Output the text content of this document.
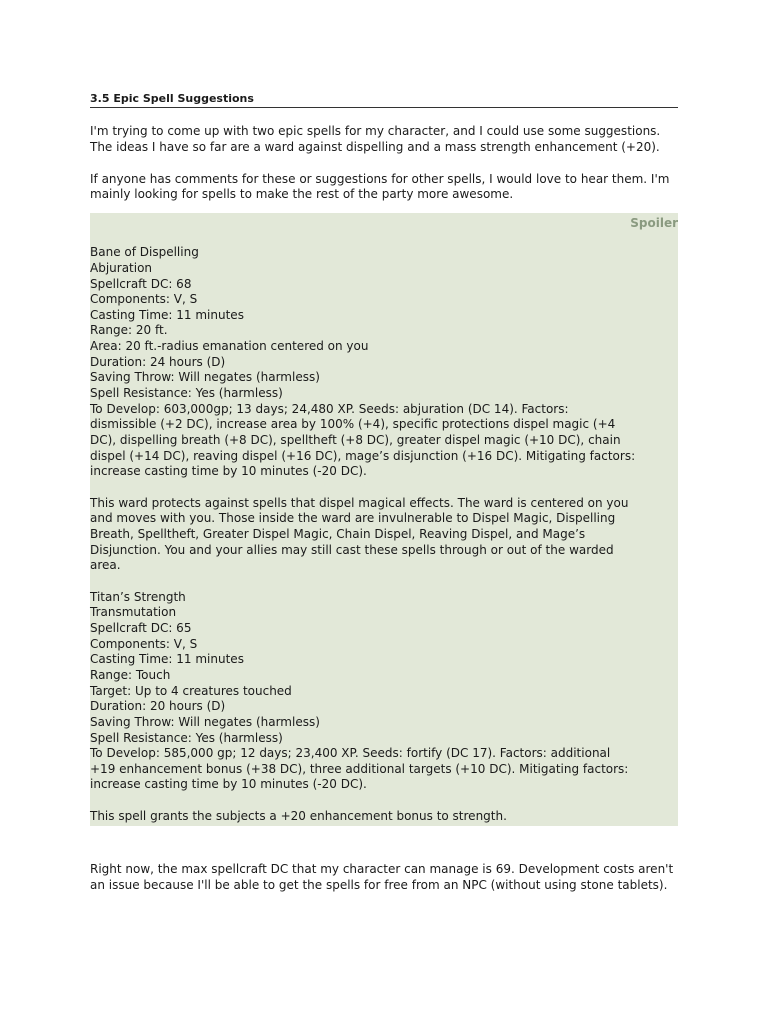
3.5 Epic Spell Suggestions

I'm trying to come up with two epic spells for my character, and I could use some suggestions. The ideas I have so far are a ward against dispelling and a mass strength enhancement (+20).

If anyone has comments for these or suggestions for other spells, I would love to hear them. I'm mainly looking for spells to make the rest of the party more awesome.

Spoiler
Bane of Dispelling
Abjuration
Spellcraft DC: 68
Components: V, S
Casting Time: 11 minutes
Range: 20 ft.
Area: 20 ft.-radius emanation centered on you
Duration: 24 hours (D)
Saving Throw: Will negates (harmless)
Spell Resistance: Yes (harmless)
To Develop: 603,000gp; 13 days; 24,480 XP. Seeds: abjuration (DC 14). Factors:
dismissible (+2 DC), increase area by 100% (+4), specific protections dispel magic (+4
DC), dispelling breath (+8 DC), spelltheft (+8 DC), greater dispel magic (+10 DC), chain
dispel (+14 DC), reaving dispel (+16 DC), mage’s disjunction (+16 DC). Mitigating factors:
increase casting time by 10 minutes (-20 DC).
This ward protects against spells that dispel magical effects. The ward is centered on you
and moves with you. Those inside the ward are invulnerable to Dispel Magic, Dispelling
Breath, Spelltheft, Greater Dispel Magic, Chain Dispel, Reaving Dispel, and Mage’s
Disjunction. You and your allies may still cast these spells through or out of the warded
area.
Titan’s Strength
Transmutation
Spellcraft DC: 65
Components: V, S
Casting Time: 11 minutes
Range: Touch
Target: Up to 4 creatures touched
Duration: 20 hours (D)
Saving Throw: Will negates (harmless)
Spell Resistance: Yes (harmless)
To Develop: 585,000 gp; 12 days; 23,400 XP. Seeds: fortify (DC 17). Factors: additional
+19 enhancement bonus (+38 DC), three additional targets (+10 DC). Mitigating factors:
increase casting time by 10 minutes (-20 DC).
This spell grants the subjects a +20 enhancement bonus to strength.

Right now, the max spellcraft DC that my character can manage is 69. Development costs aren't an issue because I'll be able to get the spells for free from an NPC (without using stone tablets).
